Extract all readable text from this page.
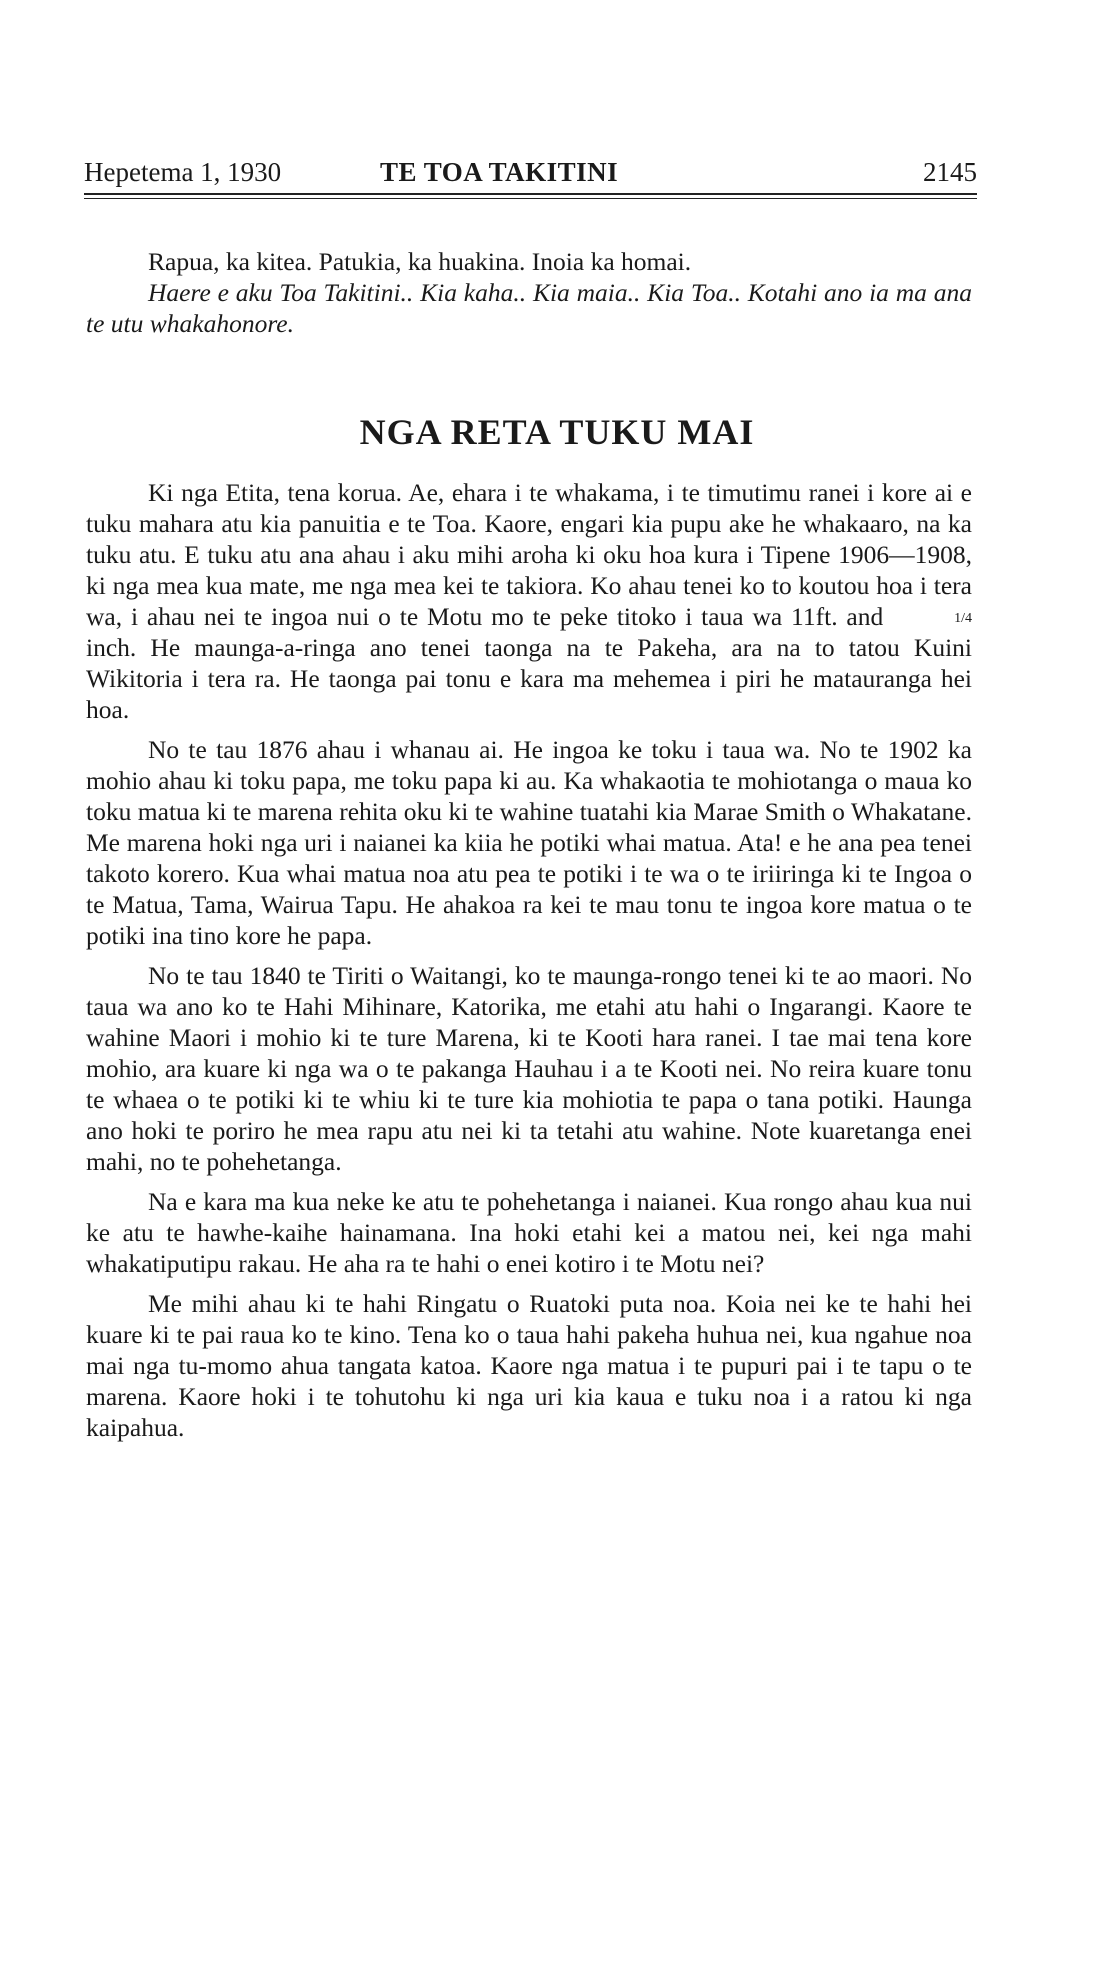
Hepetema 1, 1930	TE TOA TAKITINI	2145

Rapua, ka kitea. Patukia, ka huakina. Inoia ka homai.

Haere e aku Toa Takitini.. Kia kaha.. Kia maia.. Kia Toa.. Kotahi ano ia ma ana te utu whakahonore.

NGA RETA TUKU MAI

Ki nga Etita, tena korua. Ae, ehara i te whakama, i te timutimu ranei i kore ai e tuku mahara atu kia panuitia e te Toa. Kaore, engari kia pupu ake he whakaaro, na ka tuku atu. E tuku atu ana ahau i aku mihi aroha ki oku hoa kura i Tipene 1906—1908, ki nga mea kua mate, me nga mea kei te takiora. Ko ahau tenei ko to koutou hoa i tera wa, i ahau nei te ingoa nui o te Motu mo te peke titoko i taua wa 11ft. and	1/4inch. He maunga-a-ringa ano tenei taonga na te Pakeha, ara na to tatou Kuini Wikitoria i tera ra. He taonga pai tonu e kara ma mehemea i piri he matauranga hei hoa.

No te tau 1876 ahau i whanau ai. He ingoa ke toku i taua wa. No te 1902 ka mohio ahau ki toku papa, me toku papa ki au. Ka whakaotia te mohiotanga o maua ko toku matua ki te marena rehita oku ki te wahine tuatahi kia Marae Smith o Whakatane. Me marena hoki nga uri i naianei ka kiia he potiki whai matua. Ata! e he ana pea tenei takoto korero. Kua whai matua noa atu pea te potiki i te wa o te iriiringa ki te Ingoa o te Matua, Tama, Wairua Tapu. He ahakoa ra kei te mau tonu te ingoa kore matua o te potiki ina tino kore he papa.

No te tau 1840 te Tiriti o Waitangi, ko te maunga-rongo tenei ki te ao maori. No taua wa ano ko te Hahi Mihinare, Katorika, me etahi atu hahi o Ingarangi. Kaore te wahine Maori i mohio ki te ture Marena, ki te Kooti hara ranei. I tae mai tena kore mohio, ara kuare ki nga wa o te pakanga Hauhau i a te Kooti nei. No reira kuare tonu te whaea o te potiki ki te whiu ki te ture kia mohiotia te papa o tana potiki. Haunga ano hoki te poriro he mea rapu atu nei ki ta tetahi atu wahine. Note kuaretanga enei mahi, no te pohehetanga.

Na e kara ma kua neke ke atu te pohehetanga i naianei. Kua rongo ahau kua nui ke atu te hawhe-kaihe hainamana. Ina hoki etahi kei a matou nei, kei nga mahi whakatiputipu rakau. He aha ra te hahi o enei kotiro i te Motu nei?

Me mihi ahau ki te hahi Ringatu o Ruatoki puta noa. Koia nei ke te hahi hei kuare ki te pai raua ko te kino. Tena ko o taua hahi pakeha huhua nei, kua ngahue noa mai nga tu-momo ahua tangata katoa. Kaore nga matua i te pupuri pai i te tapu o te marena. Kaore hoki i te tohutohu ki nga uri kia kaua e tuku noa i a ratou ki nga kaipahua.
